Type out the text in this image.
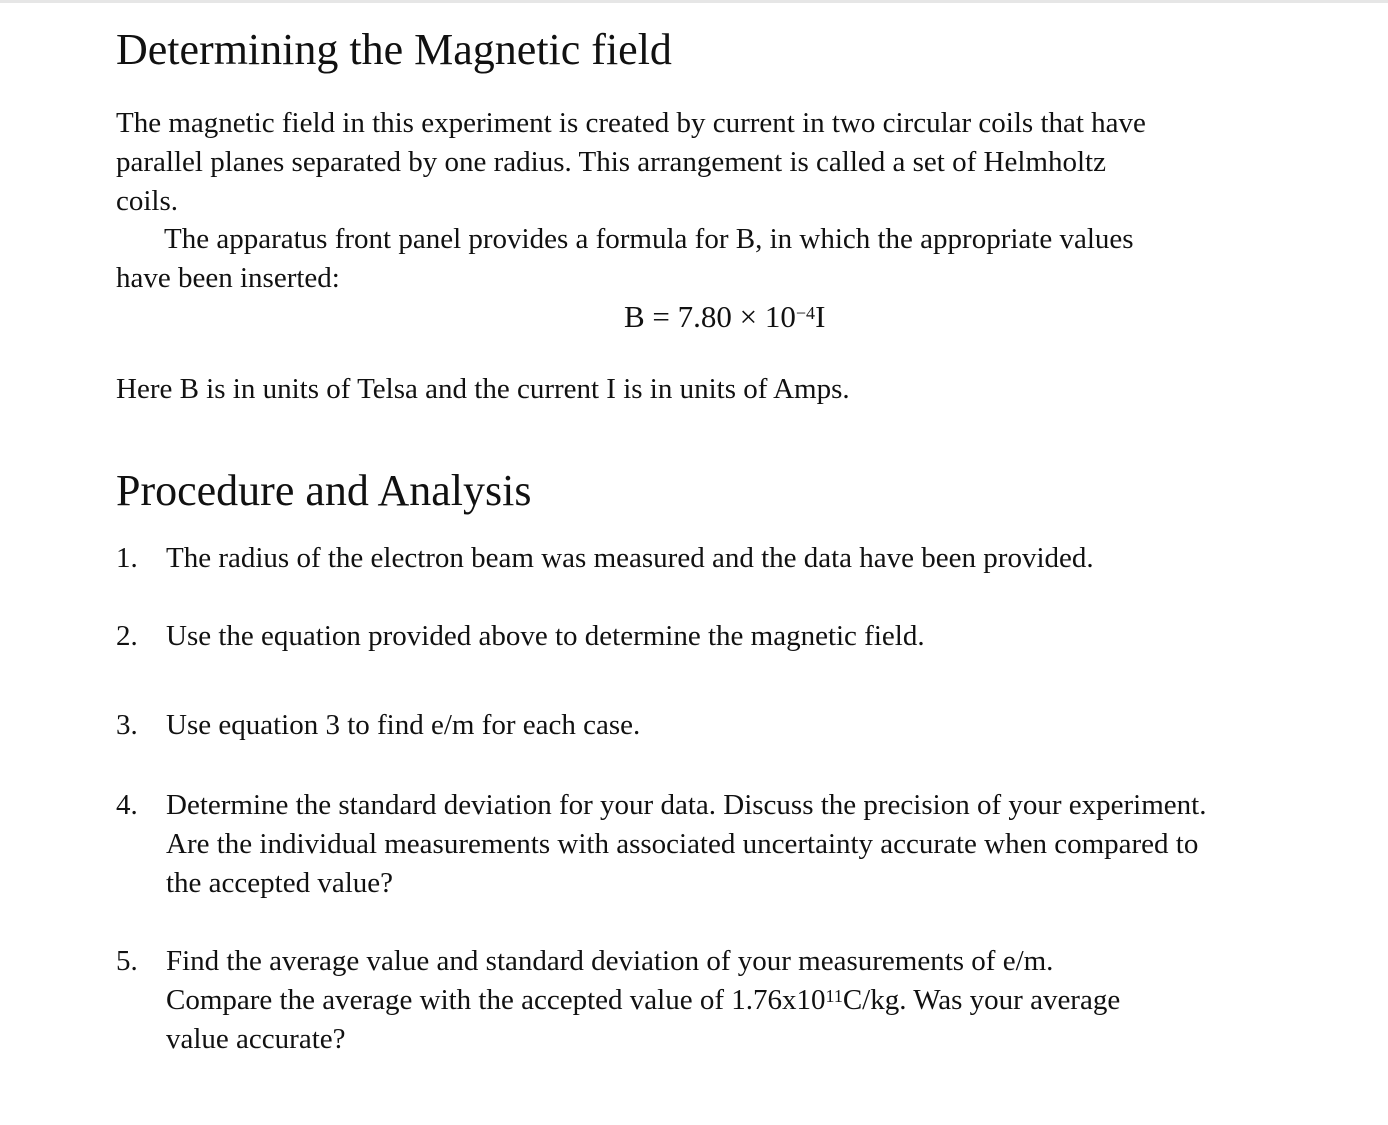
Determining the Magnetic field
The magnetic field in this experiment is created by current in two circular coils that have
parallel planes separated by one radius. This arrangement is called a set of Helmholtz
coils.
The apparatus front panel provides a formula for B, in which the appropriate values
have been inserted:
$B = 7.80 \times 10^{-4}I$
Here B is in units of Telsa and the current I is in units of Amps.
Procedure and Analysis
1. The radius of the electron beam was measured and the data have been provided.
2. Use the equation provided above to determine the magnetic field.
3. Use equation 3 to find e/m for each case.
4. Determine the standard deviation for your data. Discuss the precision of your experiment.
Are the individual measurements with associated uncertainty accurate when compared to
the accepted value?
5. Find the average value and standard deviation of your measurements of e/m.
Compare the average with the accepted value of $1.76x10^{11}C/kg$. Was your average
value accurate?
